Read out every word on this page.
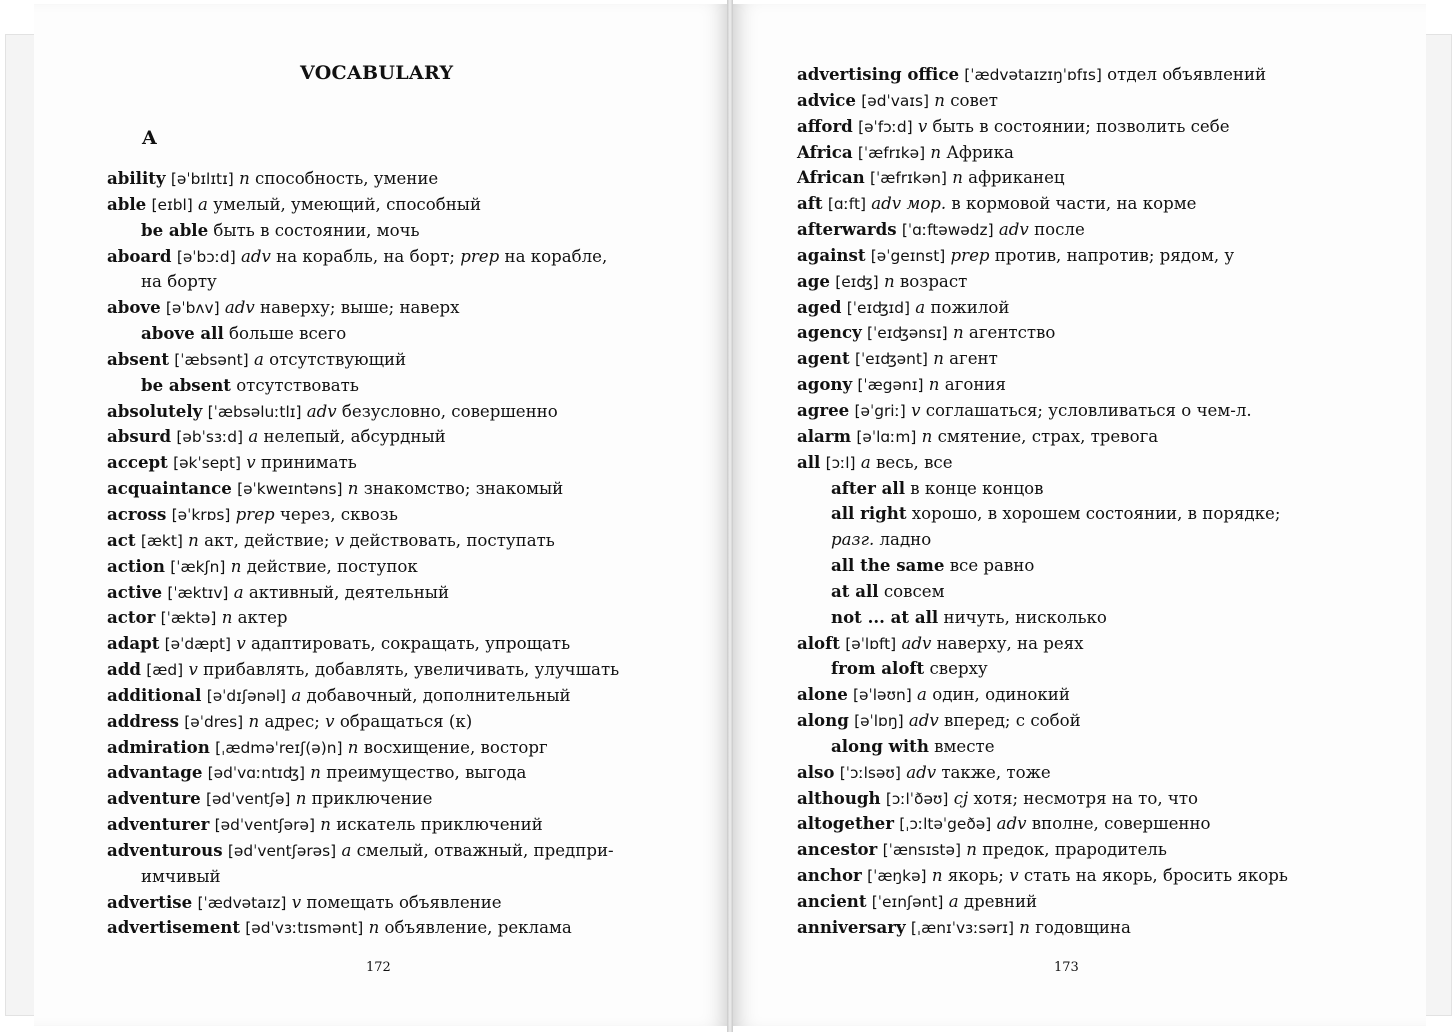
VOCABULARY
A
ability [əˈbɪlɪtɪ] n способность, умение
able [eɪbl] a умелый, умеющий, способный
be able быть в состоянии, мочь
aboard [əˈbɔːd] adv на корабль, на борт; prep на корабле,
на борту
above [əˈbʌv] adv наверху; выше; наверх
above all больше всего
absent [ˈæbsənt] a отсутствующий
be absent отсутствовать
absolutely [ˈæbsəluːtlɪ] adv безусловно, совершенно
absurd [əbˈsɜːd] a нелепый, абсурдный
accept [əkˈsept] v принимать
acquaintance [əˈkweɪntəns] n знакомство; знакомый
across [əˈkrɒs] prep через, сквозь
act [ækt] n акт, действие; v действовать, поступать
action [ˈækʃn] n действие, поступок
active [ˈæktɪv] a активный, деятельный
actor [ˈæktə] n актер
adapt [əˈdæpt] v адаптировать, сокращать, упрощать
add [æd] v прибавлять, добавлять, увеличивать, улучшать
additional [əˈdɪʃənəl] a добавочный, дополнительный
address [əˈdres] n адрес; v обращаться (к)
admiration [ˌædməˈreɪʃ(ə)n] n восхищение, восторг
advantage [ədˈvɑːntɪʤ] n преимущество, выгода
adventure [ədˈventʃə] n приключение
adventurer [ədˈventʃərə] n искатель приключений
adventurous [ədˈventʃərəs] a смелый, отважный, предпри-
имчивый
advertise [ˈædvətaɪz] v помещать объявление
advertisement [ədˈvɜːtɪsmənt] n объявление, реклама
advertising office [ˈædvətaɪzɪŋˈɒfɪs] отдел объявлений
advice [ədˈvaɪs] n совет
afford [əˈfɔːd] v быть в состоянии; позволить себе
Africa [ˈæfrɪkə] n Африка
African [ˈæfrɪkən] n африканец
aft [ɑːft] adv мор. в кормовой части, на корме
afterwards [ˈɑːftəwədz] adv после
against [əˈgeɪnst] prep против, напротив; рядом, у
age [eɪʤ] n возраст
aged [ˈeɪʤɪd] a пожилой
agency [ˈeɪʤənsɪ] n агентство
agent [ˈeɪʤənt] n агент
agony [ˈægənɪ] n агония
agree [əˈgriː] v соглашаться; условливаться о чем-л.
alarm [əˈlɑːm] n смятение, страх, тревога
all [ɔːl] a весь, все
after all в конце концов
all right хорошо, в хорошем состоянии, в порядке;
разг. ладно
all the same все равно
at all совсем
not ... at all ничуть, нисколько
aloft [əˈlɒft] adv наверху, на реях
from aloft сверху
alone [əˈləʊn] a один, одинокий
along [əˈlɒŋ] adv вперед; с собой
along with вместе
also [ˈɔːlsəʊ] adv также, тоже
although [ɔːlˈðəʊ] cj хотя; несмотря на то, что
altogether [ˌɔːltəˈgeðə] adv вполне, совершенно
ancestor [ˈænsɪstə] n предок, прародитель
anchor [ˈæŋkə] n якорь; v стать на якорь, бросить якорь
ancient [ˈeɪnʃənt] a древний
anniversary [ˌænɪˈvɜːsərɪ] n годовщина
172	173
